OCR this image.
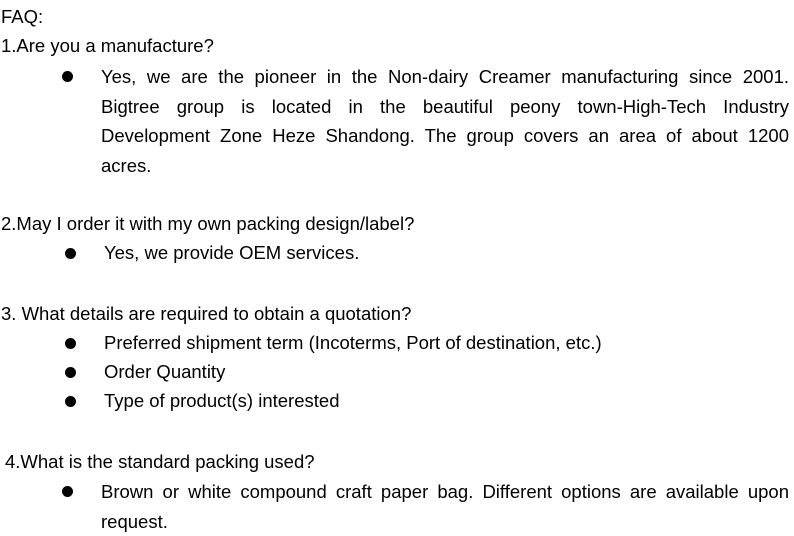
FAQ:
1.Are you a manufacture?
Yes, we are the pioneer in the Non-dairy Creamer manufacturing since 2001. Bigtree group is located in the beautiful peony town-High-Tech Industry Development Zone Heze Shandong. The group covers an area of about 1200 acres.
2.May I order it with my own packing design/label?
Yes, we provide OEM services.
3. What details are required to obtain a quotation?
Preferred shipment term (Incoterms, Port of destination, etc.)
Order Quantity
Type of product(s) interested
4.What is the standard packing used?
Brown or white compound craft paper bag. Different options are available upon request.
